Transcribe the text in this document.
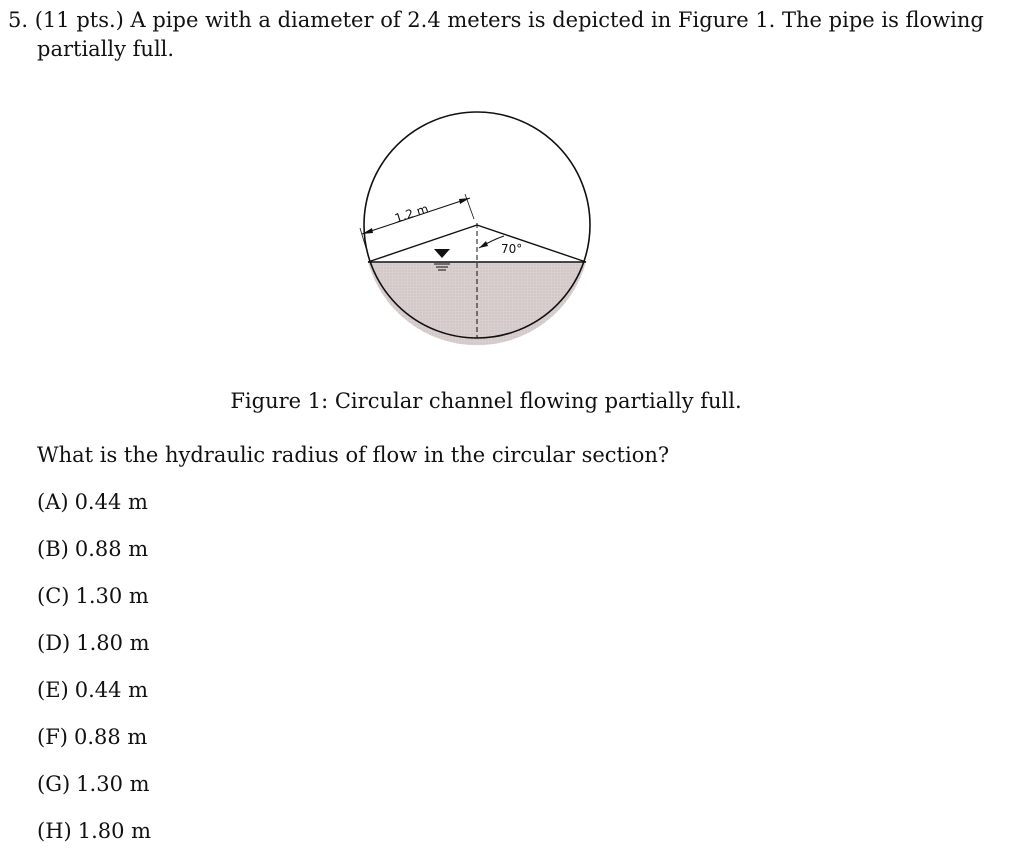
5. (11 pts.) A pipe with a diameter of 2.4 meters is depicted in Figure 1. The pipe is flowing
partially full.
1.2 m
70°
Figure 1: Circular channel flowing partially full.
What is the hydraulic radius of flow in the circular section?
(A) 0.44 m
(B) 0.88 m
(C) 1.30 m
(D) 1.80 m
(E) 0.44 m
(F) 0.88 m
(G) 1.30 m
(H) 1.80 m
